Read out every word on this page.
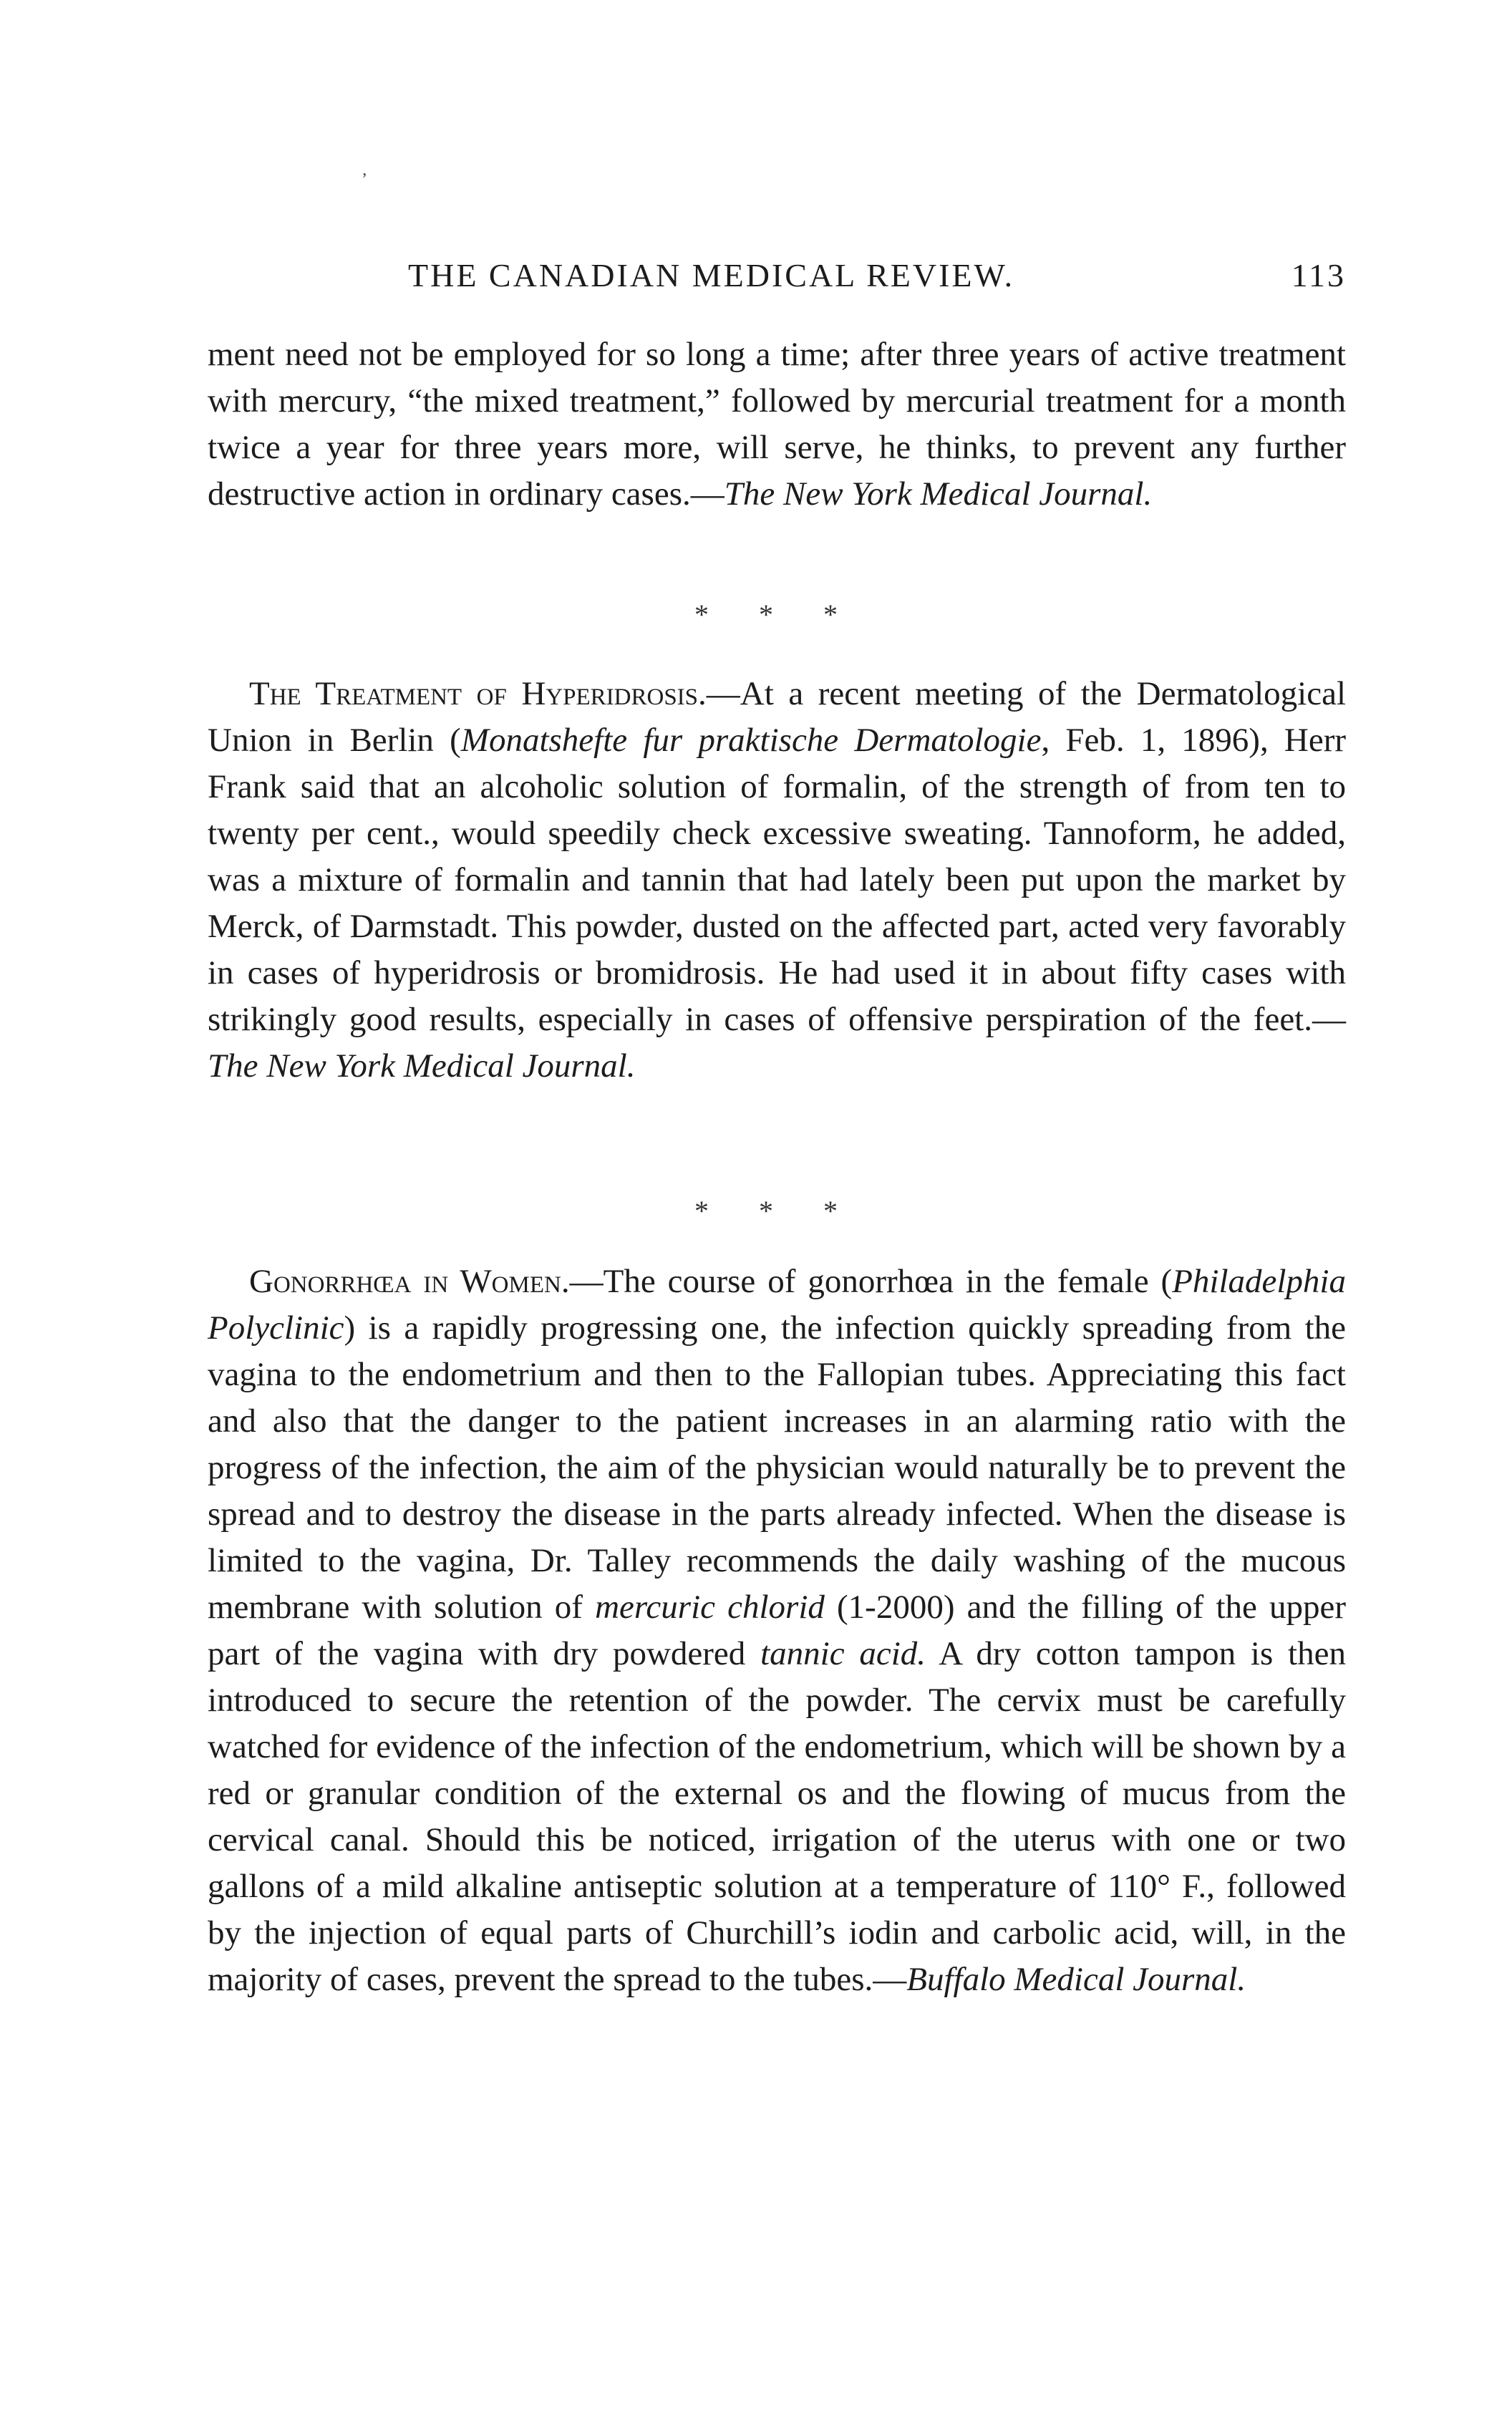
’
THE CANADIAN MEDICAL REVIEW.	113

ment need not be employed for so long a time; after three years of active treatment with mercury, “the mixed treatment,” followed by mercurial treatment for a month twice a year for three years more, will serve, he thinks, to prevent any further destructive action in ordinary cases.—The New York Medical Journal.

* * *

The Treatment of Hyperidrosis.—At a recent meeting of the Dermatological Union in Berlin (Monatshefte fur praktische Dermatologie, Feb. 1, 1896), Herr Frank said that an alcoholic solution of formalin, of the strength of from ten to twenty per cent., would speedily check excessive sweating. Tannoform, he added, was a mixture of formalin and tannin that had lately been put upon the market by Merck, of Darmstadt. This powder, dusted on the affected part, acted very favorably in cases of hyperidrosis or bromidrosis. He had used it in about fifty cases with strikingly good results, especially in cases of offensive perspiration of the feet.—The New York Medical Journal.

* * *

Gonorrhœa in Women.—The course of gonorrhœa in the female (Philadelphia Polyclinic) is a rapidly progressing one, the infection quickly spreading from the vagina to the endometrium and then to the Fallopian tubes. Appreciating this fact and also that the danger to the patient increases in an alarming ratio with the progress of the infection, the aim of the physician would naturally be to prevent the spread and to destroy the disease in the parts already infected. When the disease is limited to the vagina, Dr. Talley recommends the daily washing of the mucous membrane with solution of mercuric chlorid (1-2000) and the filling of the upper part of the vagina with dry powdered tannic acid. A dry cotton tampon is then introduced to secure the retention of the powder. The cervix must be carefully watched for evidence of the infection of the endometrium, which will be shown by a red or granular condition of the external os and the flowing of mucus from the cervical canal. Should this be noticed, irrigation of the uterus with one or two gallons of a mild alkaline antiseptic solution at a temperature of 110° F., followed by the injection of equal parts of Churchill’s iodin and carbolic acid, will, in the majority of cases, prevent the spread to the tubes.—Buffalo Medical Journal.
